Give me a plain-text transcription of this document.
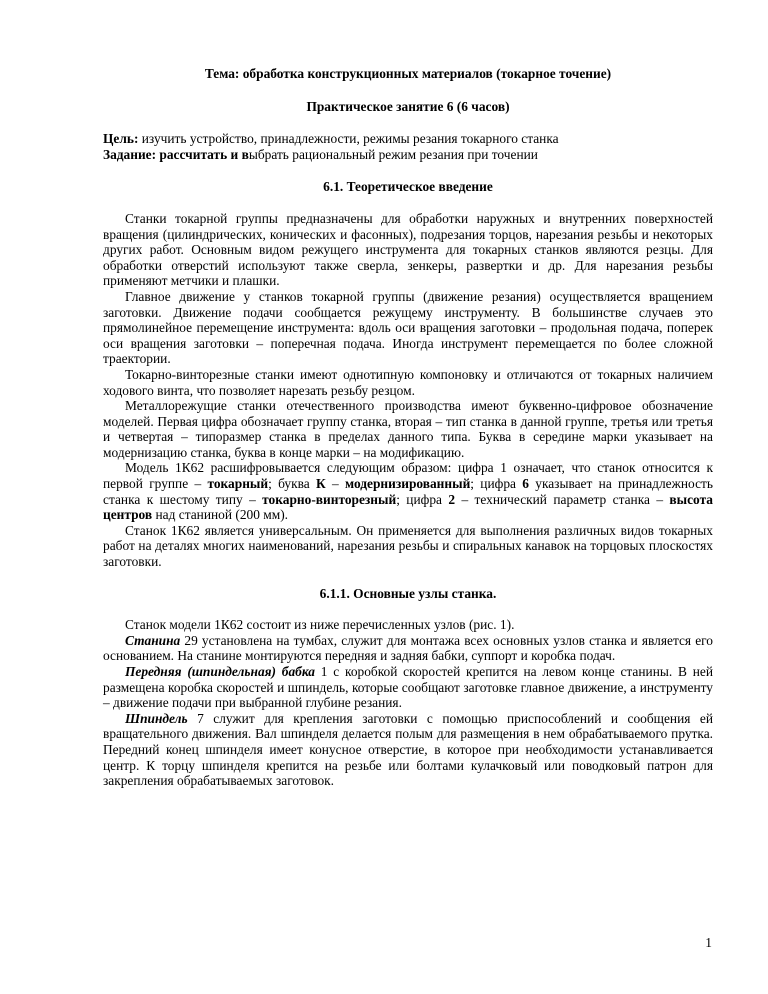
Тема: обработка конструкционных материалов (токарное точение)

Практическое занятие 6 (6 часов)

Цель: изучить устройство, принадлежности, режимы резания токарного станка

Задание: рассчитать и выбрать рациональный режим резания при точении

6.1. Теоретическое введение

Станки токарной группы предназначены для обработки наружных и внутренних поверхностей вращения (цилиндрических, конических и фасонных), подрезания торцов, нарезания резьбы и некоторых других работ. Основным видом режущего инструмента для токарных станков являются резцы. Для обработки отверстий используют также сверла, зенкеры, развертки и др. Для нарезания резьбы применяют метчики и плашки.

Главное движение у станков токарной группы (движение резания) осуществляется вращением заготовки. Движение подачи сообщается режущему инструменту. В большинстве случаев это прямолинейное перемещение инструмента: вдоль оси вращения заготовки – продольная подача, поперек оси вращения заготовки – поперечная подача. Иногда инструмент перемещается по более сложной траектории.

Токарно-винторезные станки имеют однотипную компоновку и отличаются от токарных наличием ходового винта, что позволяет нарезать резьбу резцом.

Металлорежущие станки отечественного производства имеют буквенно-цифровое обозначение моделей. Первая цифра обозначает группу станка, вторая – тип станка в данной группе, третья или третья и четвертая – типоразмер станка в пределах данного типа. Буква в середине марки указывает на модернизацию станка, буква в конце марки – на модификацию.

Модель 1К62 расшифровывается следующим образом: цифра 1 означает, что станок относится к первой группе – токарный; буква К – модернизированный; цифра 6 указывает на принадлежность станка к шестому типу – токарно-винторезный; цифра 2 – технический параметр станка – высота центров над станиной (200 мм).

Станок 1К62 является универсальным. Он применяется для выполнения различных видов токарных работ на деталях многих наименований, нарезания резьбы и спиральных канавок на торцовых плоскостях заготовки.

6.1.1. Основные узлы станка.

Станок модели 1К62 состоит из ниже перечисленных узлов (рис. 1).

Станина 29 установлена на тумбах, служит для монтажа всех основных узлов станка и является его основанием. На станине монтируются передняя и задняя бабки, суппорт и коробка подач.

Передняя (шпиндельная) бабка 1 с коробкой скоростей крепится на левом конце станины. В ней размещена коробка скоростей и шпиндель, которые сообщают заготовке главное движение, а инструменту – движение подачи при выбранной глубине резания.

Шпиндель 7 служит для крепления заготовки с помощью приспособлений и сообщения ей вращательного движения. Вал шпинделя делается полым для размещения в нем обрабатываемого прутка. Передний конец шпинделя имеет конусное отверстие, в которое при необходимости устанавливается центр. К торцу шпинделя крепится на резьбе или болтами кулачковый или поводковый патрон для закрепления обрабатываемых заготовок.

1
